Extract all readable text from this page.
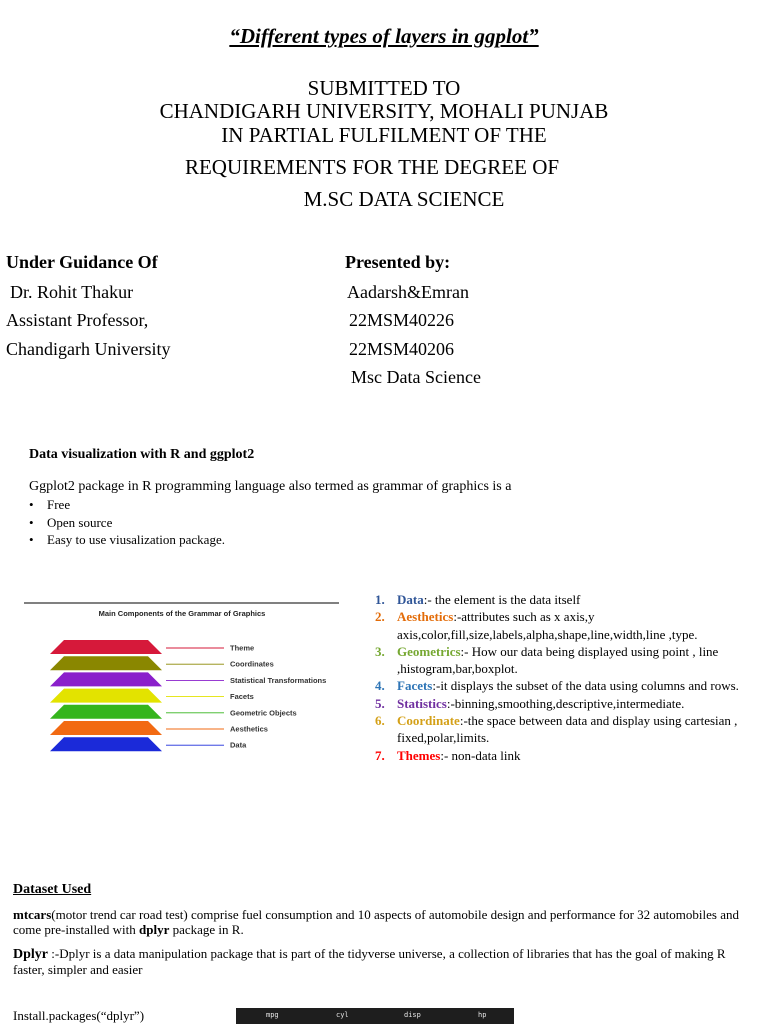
“Different types of layers in ggplot”
SUBMITTED TO
CHANDIGARH UNIVERSITY, MOHALI PUNJAB
IN PARTIAL FULFILMENT OF THE
REQUIREMENTS FOR THE DEGREE OF
M.SC DATA SCIENCE
Under Guidance Of
Dr. Rohit Thakur
Assistant Professor,
Chandigarh University
Presented by:
Aadarsh&Emran
22MSM40226
22MSM40206
Msc Data Science
Data visualization with R and ggplot2
Ggplot2 package in R programming language also termed as grammar of graphics is a
• Free
• Open source
• Easy to use viusalization package.
Main Components of the Grammar of Graphics
Theme
Coordinates
Statistical Transformations
Facets
Geometric Objects
Aesthetics
Data
1. Data:- the element is the data itself
2. Aesthetics:-attributes such as x axis,y axis,color,fill,size,labels,alpha,shape,line,width,line ,type.
3. Geometrics:- How our data being displayed using point , line ,histogram,bar,boxplot.
4. Facets:-it displays the subset of the data using columns and rows.
5. Statistics:-binning,smoothing,descriptive,intermediate.
6. Coordinate:-the space between data and display using cartesian , fixed,polar,limits.
7. Themes:- non-data link
Dataset Used
mtcars(motor trend car road test) comprise fuel consumption and 10 aspects of automobile design and performance for 32 automobiles and come pre-installed with dplyr package in R.
Dplyr :-Dplyr is a data manipulation package that is part of the tidyverse universe, a collection of libraries that has the goal of making R faster, simpler and easier
Install.packages(“dplyr”)	mpg	cyl	disp	hp
